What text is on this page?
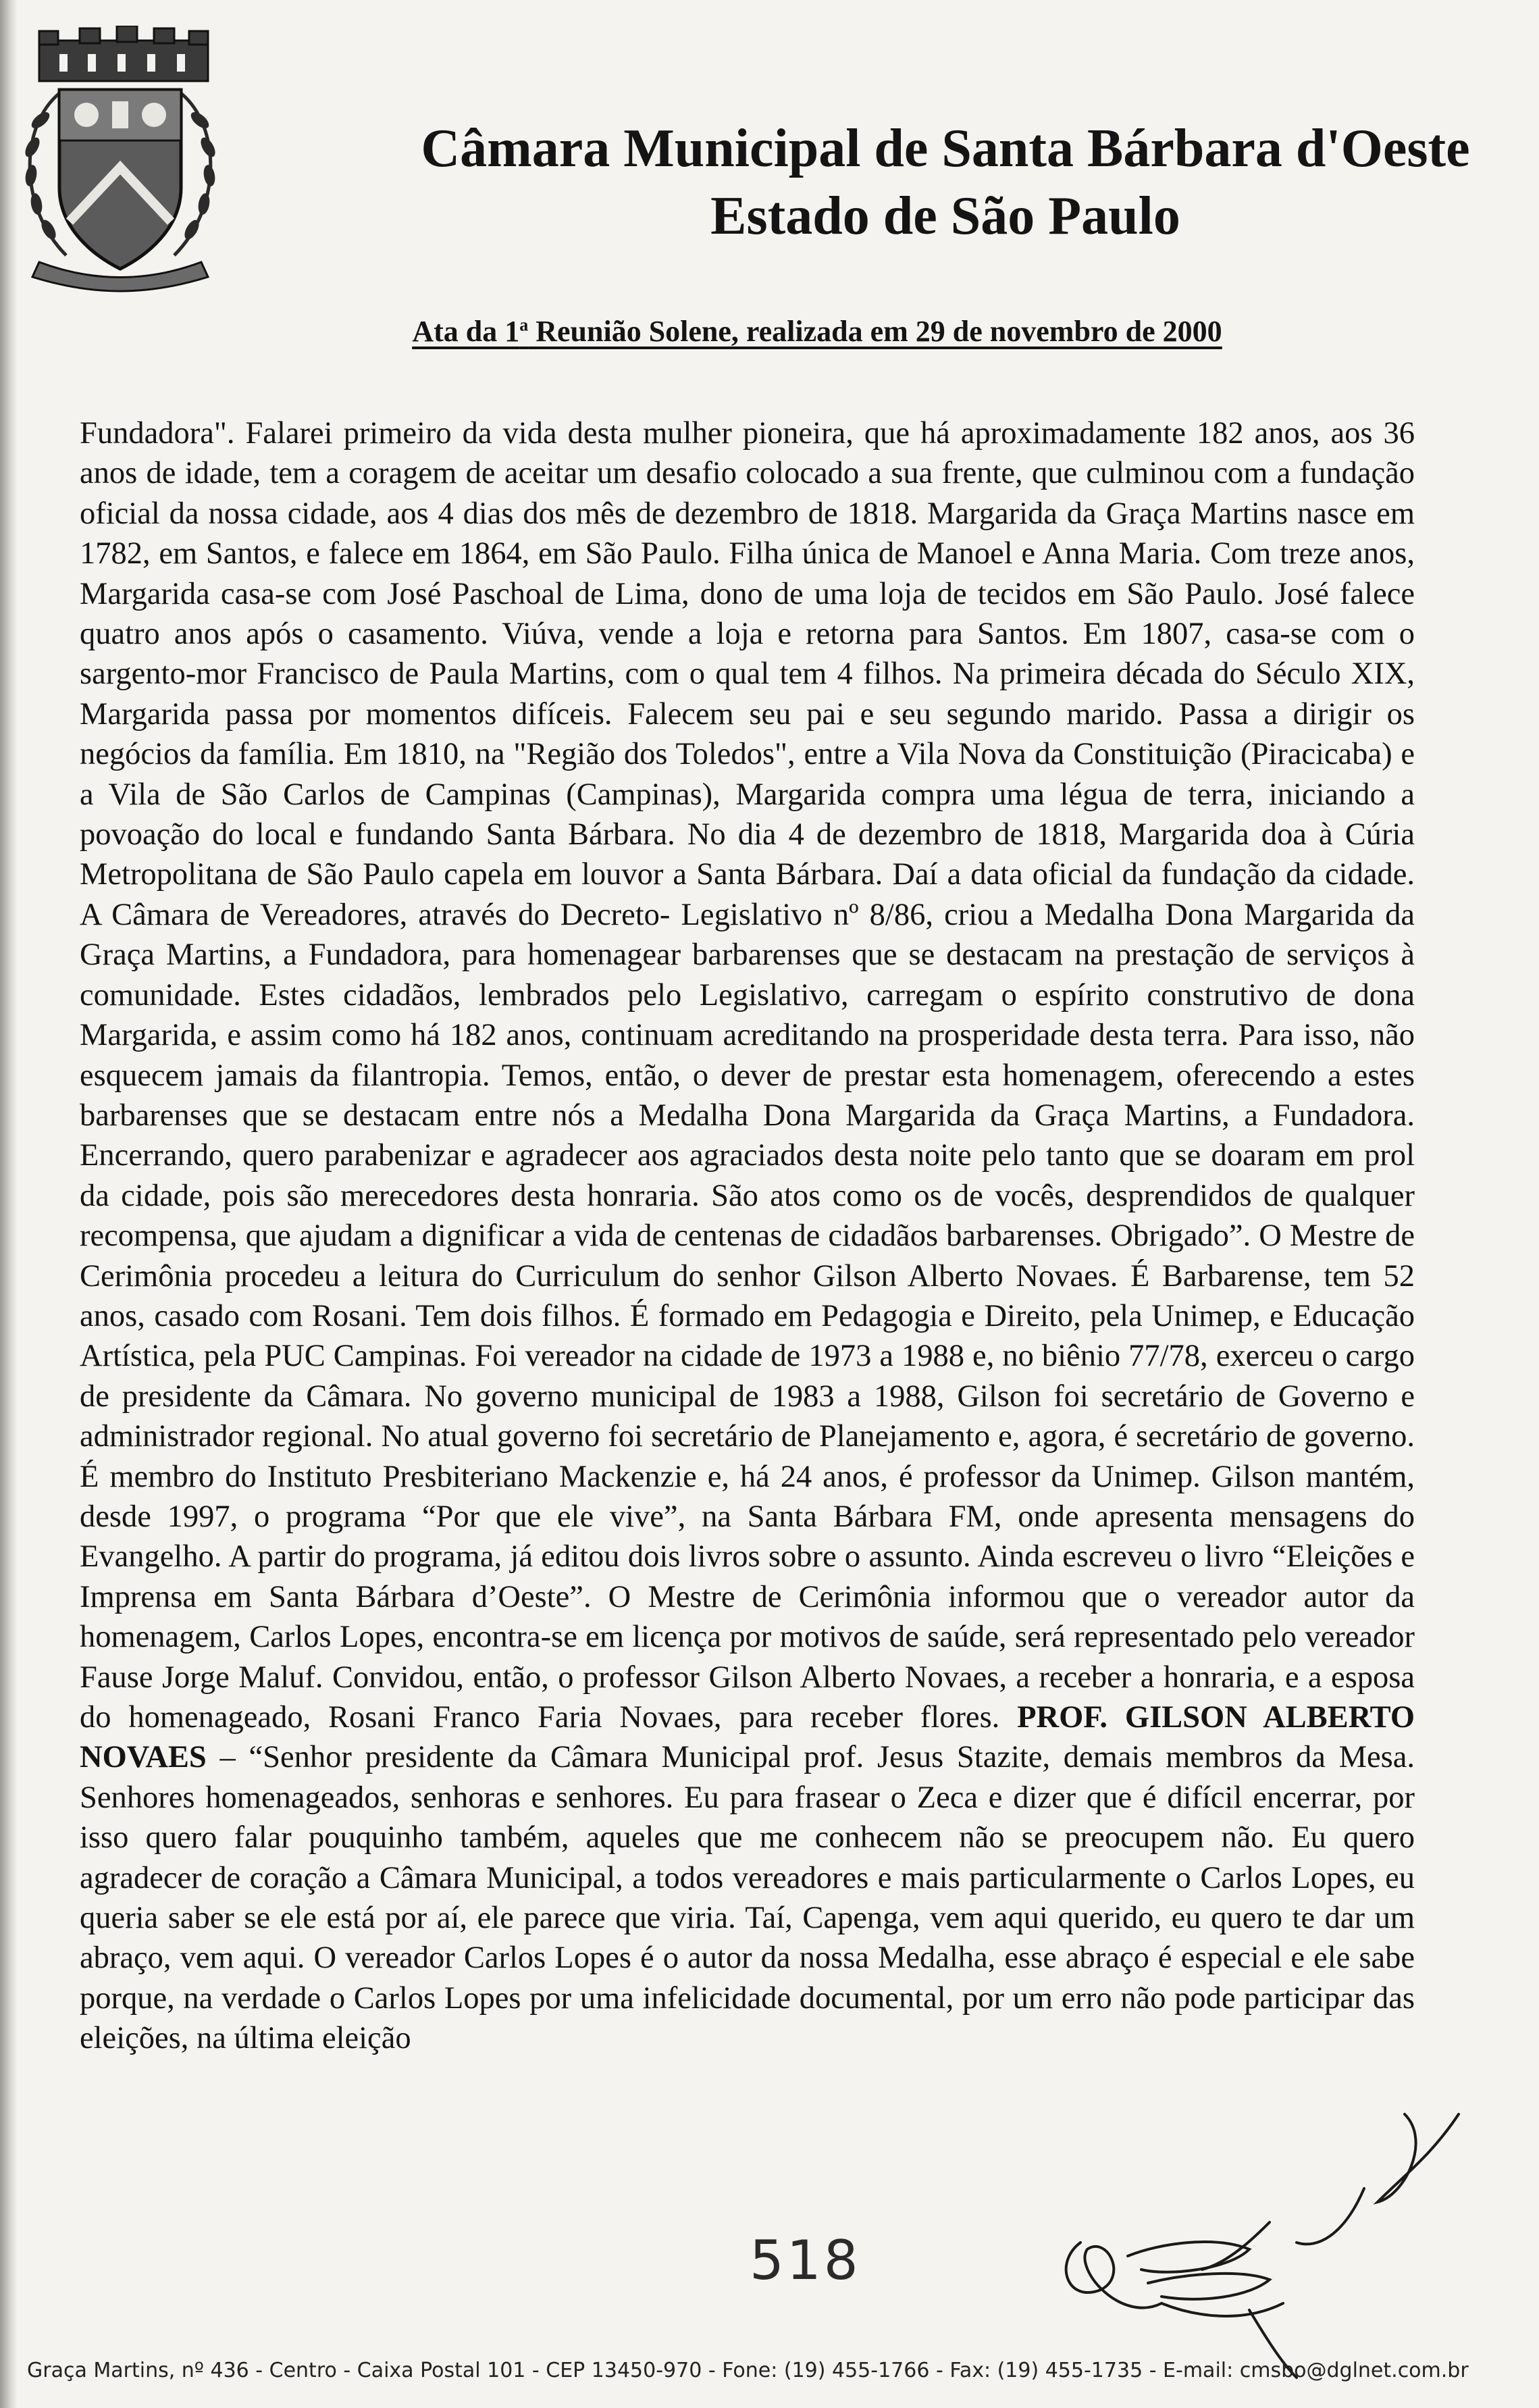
Câmara Municipal de Santa Bárbara d'Oeste
Estado de São Paulo
Ata da 1$^a$ Reunião Solene, realizada em 29 de novembro de 2000
Fundadora". Falarei primeiro da vida desta mulher pioneira, que há aproximadamente 182 anos, aos 36 anos de idade, tem a coragem de aceitar um desafio colocado a sua frente, que culminou com a fundação oficial da nossa cidade, aos 4 dias dos mês de dezembro de 1818. Margarida da Graça Martins nasce em 1782, em Santos, e falece em 1864, em São Paulo. Filha única de Manoel e Anna Maria. Com treze anos, Margarida casa-se com José Paschoal de Lima, dono de uma loja de tecidos em São Paulo. José falece quatro anos após o casamento. Viúva, vende a loja e retorna para Santos. Em 1807, casa-se com o sargento-mor Francisco de Paula Martins, com o qual tem 4 filhos. Na primeira década do Século XIX, Margarida passa por momentos difíceis. Falecem seu pai e seu segundo marido. Passa a dirigir os negócios da família. Em 1810, na "Região dos Toledos", entre a Vila Nova da Constituição (Piracicaba) e a Vila de São Carlos de Campinas (Campinas), Margarida compra uma légua de terra, iniciando a povoação do local e fundando Santa Bárbara. No dia 4 de dezembro de 1818, Margarida doa à Cúria Metropolitana de São Paulo capela em louvor a Santa Bárbara. Daí a data oficial da fundação da cidade. A Câmara de Vereadores, através do Decreto- Legislativo nº 8/86, criou a Medalha Dona Margarida da Graça Martins, a Fundadora, para homenagear barbarenses que se destacam na prestação de serviços à comunidade. Estes cidadãos, lembrados pelo Legislativo, carregam o espírito construtivo de dona Margarida, e assim como há 182 anos, continuam acreditando na prosperidade desta terra. Para isso, não esquecem jamais da filantropia. Temos, então, o dever de prestar esta homenagem, oferecendo a estes barbarenses que se destacam entre nós a Medalha Dona Margarida da Graça Martins, a Fundadora. Encerrando, quero parabenizar e agradecer aos agraciados desta noite pelo tanto que se doaram em prol da cidade, pois são merecedores desta honraria. São atos como os de vocês, desprendidos de qualquer recompensa, que ajudam a dignificar a vida de centenas de cidadãos barbarenses. Obrigado”. O Mestre de Cerimônia procedeu a leitura do Curriculum do senhor Gilson Alberto Novaes. É Barbarense, tem 52 anos, casado com Rosani. Tem dois filhos. É formado em Pedagogia e Direito, pela Unimep, e Educação Artística, pela PUC Campinas. Foi vereador na cidade de 1973 a 1988 e, no biênio 77/78, exerceu o cargo de presidente da Câmara. No governo municipal de 1983 a 1988, Gilson foi secretário de Governo e administrador regional. No atual governo foi secretário de Planejamento e, agora, é secretário de governo. É membro do Instituto Presbiteriano Mackenzie e, há 24 anos, é professor da Unimep. Gilson mantém, desde 1997, o programa “Por que ele vive”, na Santa Bárbara FM, onde apresenta mensagens do Evangelho. A partir do programa, já editou dois livros sobre o assunto. Ainda escreveu o livro “Eleições e Imprensa em Santa Bárbara d’Oeste”. O Mestre de Cerimônia informou que o vereador autor da homenagem, Carlos Lopes, encontra-se em licença por motivos de saúde, será representado pelo vereador Fause Jorge Maluf. Convidou, então, o professor Gilson Alberto Novaes, a receber a honraria, e a esposa do homenageado, Rosani Franco Faria Novaes, para receber flores. PROF. GILSON ALBERTO NOVAES – “Senhor presidente da Câmara Municipal prof. Jesus Stazite, demais membros da Mesa. Senhores homenageados, senhoras e senhores. Eu para frasear o Zeca e dizer que é difícil encerrar, por isso quero falar pouquinho também, aqueles que me conhecem não se preocupem não. Eu quero agradecer de coração a Câmara Municipal, a todos vereadores e mais particularmente o Carlos Lopes, eu queria saber se ele está por aí, ele parece que viria. Taí, Capenga, vem aqui querido, eu quero te dar um abraço, vem aqui. O vereador Carlos Lopes é o autor da nossa Medalha, esse abraço é especial e ele sabe porque, na verdade o Carlos Lopes por uma infelicidade documental, por um erro não pode participar das eleições, na última eleição
518
Graça Martins, nº 436 - Centro - Caixa Postal 101 - CEP 13450-970 - Fone: (19) 455-1766 - Fax: (19) 455-1735 - E-mail: cmsbo@dglnet.com.br
